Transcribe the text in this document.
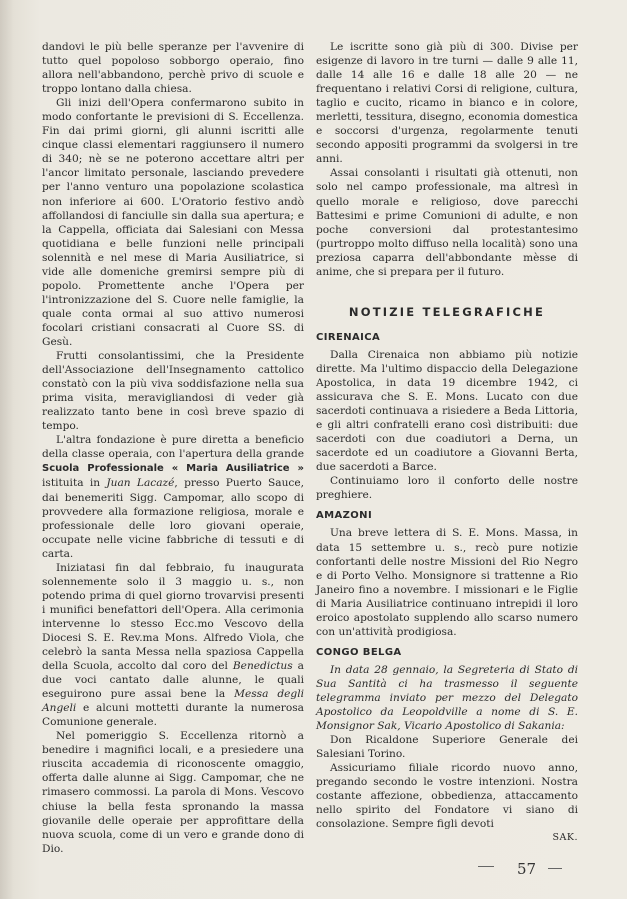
dandovi le più belle speranze per l'avvenire di tutto quel popoloso sobborgo operaio, fino allora nell'abbandono, perchè privo di scuole e troppo lontano dalla chiesa.

Gli inizi dell'Opera confermarono subito in modo confortante le previsioni di S. Eccellenza. Fin dai primi giorni, gli alunni iscritti alle cinque classi elementari raggiunsero il numero di 340; nè se ne poterono accettare altri per l'ancor limitato personale, lasciando prevedere per l'anno venturo una popolazione scolastica non inferiore ai 600. L'Oratorio festivo andò affollandosi di fanciulle sin dalla sua apertura; e la Cappella, officiata dai Salesiani con Messa quotidiana e belle funzioni nelle principali solennità e nel mese di Maria Ausiliatrice, si vide alle domeniche gremirsi sempre più di popolo. Promettente anche l'Opera per l'intronizzazione del S. Cuore nelle famiglie, la quale conta ormai al suo attivo numerosi focolari cristiani consacrati al Cuore SS. di Gesù.

Frutti consolantissimi, che la Presidente dell'Associazione dell'Insegnamento cattolico constatò con la più viva soddisfazione nella sua prima visita, meravigliandosi di veder già realizzato tanto bene in così breve spazio di tempo.

L'altra fondazione è pure diretta a beneficio della classe operaia, con l'apertura della grande Scuola Professionale « Maria Ausiliatrice » istituita in Juan Lacazé, presso Puerto Sauce, dai benemeriti Sigg. Campomar, allo scopo di provvedere alla formazione religiosa, morale e professionale delle loro giovani operaie, occupate nelle vicine fabbriche di tessuti e di carta.

Iniziatasi fin dal febbraio, fu inaugurata solennemente solo il 3 maggio u. s., non potendo prima di quel giorno trovarvisi presenti i munifici benefattori dell'Opera. Alla cerimonia intervenne lo stesso Ecc.mo Vescovo della Diocesi S. E. Rev.ma Mons. Alfredo Viola, che celebrò la santa Messa nella spaziosa Cappella della Scuola, accolto dal coro del Benedictus a due voci cantato dalle alunne, le quali eseguirono pure assai bene la Messa degli Angeli e alcuni mottetti durante la numerosa Comunione generale.

Nel pomeriggio S. Eccellenza ritornò a benedire i magnifici locali, e a presiedere una riuscita accademia di riconoscente omaggio, offerta dalle alunne ai Sigg. Campomar, che ne rimasero commossi. La parola di Mons. Vescovo chiuse la bella festa spronando la massa giovanile delle operaie per approfittare della nuova scuola, come di un vero e grande dono di Dio.

Le iscritte sono già più di 300. Divise per esigenze di lavoro in tre turni — dalle 9 alle 11, dalle 14 alle 16 e dalle 18 alle 20 — ne frequentano i relativi Corsi di religione, cultura, taglio e cucito, ricamo in bianco e in colore, merletti, tessitura, disegno, economia domestica e soccorsi d'urgenza, regolarmente tenuti secondo appositi programmi da svolgersi in tre anni.

Assai consolanti i risultati già ottenuti, non solo nel campo professionale, ma altresì in quello morale e religioso, dove parecchi Battesimi e prime Comunioni di adulte, e non poche conversioni dal protestantesimo (purtroppo molto diffuso nella località) sono una preziosa caparra dell'abbondante mèsse di anime, che si prepara per il futuro.

NOTIZIE TELEGRAFICHE
CIRENAICA

Dalla Cirenaica non abbiamo più notizie dirette. Ma l'ultimo dispaccio della Delegazione Apostolica, in data 19 dicembre 1942, ci assicurava che S. E. Mons. Lucato con due sacerdoti continuava a risiedere a Beda Littoria, e gli altri confratelli erano così distribuiti: due sacerdoti con due coadiutori a Derna, un sacerdote ed un coadiutore a Giovanni Berta, due sacerdoti a Barce.

Continuiamo loro il conforto delle nostre preghiere.

AMAZONI

Una breve lettera di S. E. Mons. Massa, in data 15 settembre u. s., recò pure notizie confortanti delle nostre Missioni del Rio Negro e di Porto Velho. Monsignore si trattenne a Rio Janeiro fino a novembre. I missionari e le Figlie di Maria Ausiliatrice continuano intrepidi il loro eroico apostolato supplendo allo scarso numero con un'attività prodigiosa.

CONGO BELGA

In data 28 gennaio, la Segreteria di Stato di Sua Santità ci ha trasmesso il seguente telegramma inviato per mezzo del Delegato Apostolico da Leopoldville a nome di S. E. Monsignor Sak, Vicario Apostolico di Sakania:

Don Ricaldone Superiore Generale dei Salesiani Torino.

Assicuriamo filiale ricordo nuovo anno, pregando secondo le vostre intenzioni. Nostra costante affezione, obbedienza, attaccamento nello spirito del Fondatore vi siano di consolazione. Sempre figli devoti

SAK.
57
